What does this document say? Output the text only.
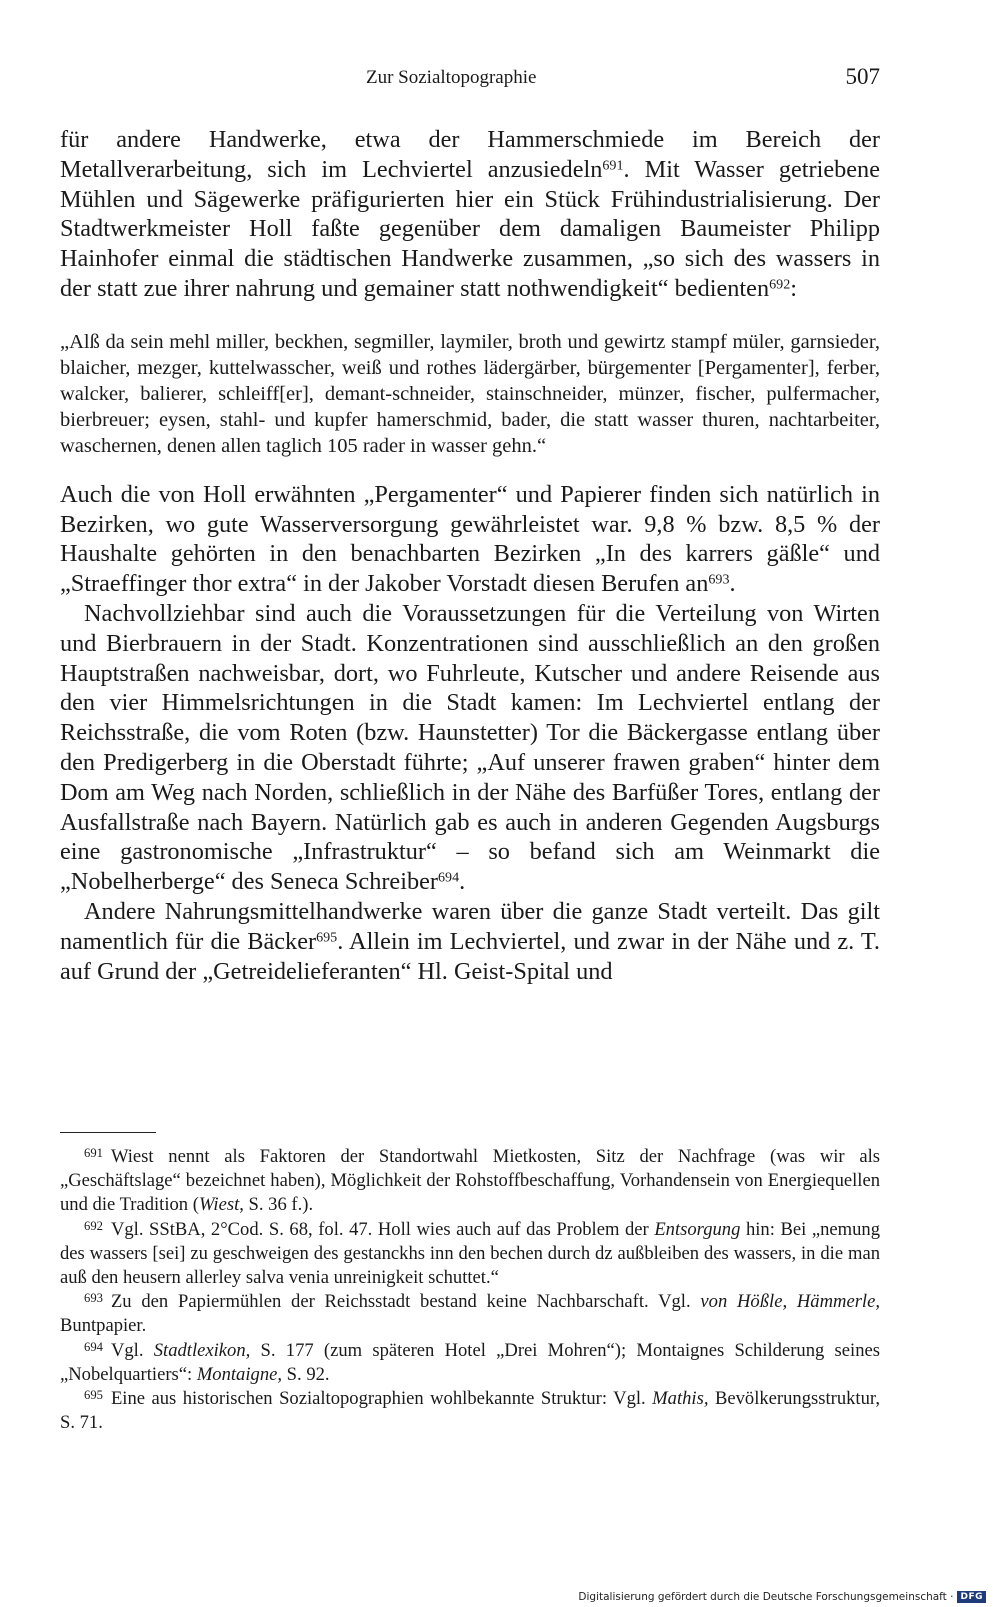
Zur Sozialtopographie	507

für andere Handwerke, etwa der Hammerschmiede im Bereich der Metallverarbeitung, sich im Lechviertel anzusiedeln$^{691}$. Mit Wasser getriebene Mühlen und Sägewerke präfigurierten hier ein Stück Frühindustrialisierung. Der Stadtwerkmeister Holl faßte gegenüber dem damaligen Baumeister Philipp Hainhofer einmal die städtischen Handwerke zusammen, „so sich des wassers in der statt zue ihrer nahrung und gemainer statt nothwendigkeit“ bedienten$^{692}$:

„Alß da sein mehl miller, beckhen, segmiller, laymiler, broth und gewirtz stampf müler, garnsieder, blaicher, mezger, kuttelwasscher, weiß und rothes lädergärber, bürgementer [Pergamenter], ferber, walcker, balierer, schleiff[er], demant-schneider, stainschneider, münzer, fischer, pulfermacher, bierbreuer; eysen, stahl- und kupfer hamerschmid, bader, die statt wasser thuren, nachtarbeiter, waschernen, denen allen taglich 105 rader in wasser gehn.“

Auch die von Holl erwähnten „Pergamenter“ und Papierer finden sich natürlich in Bezirken, wo gute Wasserversorgung gewährleistet war. 9,8 % bzw. 8,5 % der Haushalte gehörten in den benachbarten Bezirken „In des karrers gäßle“ und „Straeffinger thor extra“ in der Jakober Vorstadt diesen Berufen $an^{693}$.

Nachvollziehbar sind auch die Voraussetzungen für die Verteilung von Wirten und Bierbrauern in der Stadt. Konzentrationen sind ausschließlich an den großen Hauptstraßen nachweisbar, dort, wo Fuhrleute, Kutscher und andere Reisende aus den vier Himmelsrichtungen in die Stadt kamen: Im Lechviertel entlang der Reichsstraße, die vom Roten (bzw. Haunstetter) Tor die Bäckergasse entlang über den Predigerberg in die Oberstadt führte; „Auf unserer frawen graben“ hinter dem Dom am Weg nach Norden, schließlich in der Nähe des Barfüßer Tores, entlang der Ausfallstraße nach Bayern. Natürlich gab es auch in anderen Gegenden Augsburgs eine gastronomische „Infrastruktur“ – so befand sich am Weinmarkt die „Nobelherberge“ des Seneca Schreiber$^{694}$.

Andere Nahrungsmittelhandwerke waren über die ganze Stadt verteilt. Das gilt namentlich für die Bäcker$^{695}$. Allein im Lechviertel, und zwar in der Nähe und z. T. auf Grund der „Getreidelieferanten“ Hl. Geist-Spital und

$^{691}$ Wiest nennt als Faktoren der Standortwahl Mietkosten, Sitz der Nachfrage (was wir als „Geschäftslage“ bezeichnet haben), Möglichkeit der Rohstoffbeschaffung, Vorhandensein von Energiequellen und die Tradition (Wiest, S. 36 f.).

$^{692}$ Vgl. SStBA, 2°Cod. S. 68, fol. 47. Holl wies auch auf das Problem der Entsorgung hin: Bei „nemung des wassers [sei] zu geschweigen des gestanckhs inn den bechen durch dz außbleiben des wassers, in die man auß den heusern allerley salva venia unreinigkeit schuttet.“

$^{693}$ Zu den Papiermühlen der Reichsstadt bestand keine Nachbarschaft. Vgl. von Hößle, Hämmerle, Buntpapier.

$^{694}$ Vgl. Stadtlexikon, S. 177 (zum späteren Hotel „Drei Mohren“); Montaignes Schilderung seines „Nobelquartiers“: Montaigne, S. 92.

$^{695}$ Eine aus historischen Sozialtopographien wohlbekannte Struktur: Vgl. Mathis, Bevölkerungsstruktur, S. 71.

Digitalisierung gefördert durch die Deutsche Forschungsgemeinschaft · DFG
